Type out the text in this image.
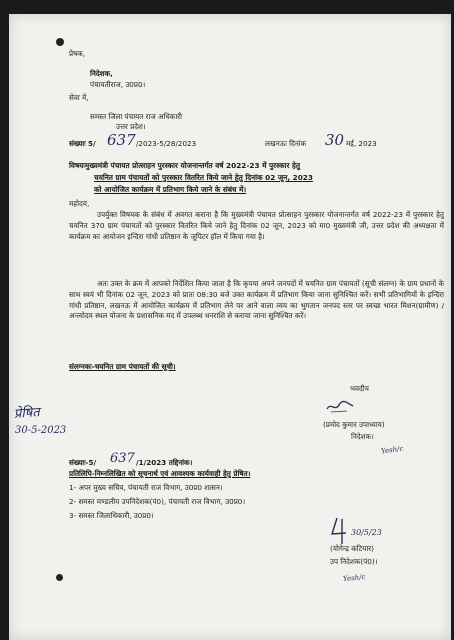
प्रेषक,
निदेशक,
पंचायतीराज, उ0प्र0।
सेवा में,
समस्त जिला पंचायत राज अधिकारी
उत्तर प्रदेश।
संख्याः 5/ 637 /2023-5/28/2023	लखनऊः दिनांक 30 मई, 2023
विषयःमुख्यमंत्री पंचायत प्रोत्साहन पुरस्कार योजनान्तर्गत वर्ष 2022-23 में पुरस्कार हेतु
चयनित ग्राम पंचायतों को पुरस्कार वितरित किये जाने हेतु दिनांक 02 जून, 2023
को आयोजित कार्यक्रम में प्रतिभाग किये जाने के संबंध में।
महोदय,
उपर्युक्त विषयक के संबंध में अवगत कराना है कि मुख्यमंत्री पंचायत प्रोत्साहन पुरस्कार योजनान्तर्गत वर्ष 2022-23 में पुरस्कार हेतु चयनित 370 ग्राम पंचायतों को पुरस्कार वितरित किये जाने हेतु दिनांक 02 जून, 2023 को मा0 मुख्यमंत्री जी, उत्तर प्रदेश की अध्यक्षता में कार्यक्रम का आयोजन इन्दिरा गांधी प्रतिष्ठान के जूपिटर हॉल में किया गया है।
अतः उक्त के क्रम में आपको निर्देशित किया जाता है कि कृपया अपने जनपदों में चयनित ग्राम पंचायतों (सूची संलग्न) के ग्राम प्रधानों के साथ स्वयं भी दिनांक 02 जून, 2023 को प्रातः 08:30 बजे उक्त कार्यक्रम में प्रतिभाग किया जाना सुनिश्चित करें। सभी प्रतिभागियों के इन्दिरा गांधी प्रतिष्ठान, लखनऊ में आयोजित कार्यक्रम में प्रतिभाग लेने पर आने वाला व्यय का भुगतान जनपद स्तर पर स्वच्छ भारत मिशन(ग्रामीण) /अन्त्योदय स्थल योजना के प्रशासनिक मद में उपलब्ध धनराशि से कराया जाना सुनिश्चित करें।
संलग्नकः-चयनित ग्राम पंचायतों की सूची।
भवदीय
(प्रमोद कुमार उपाध्याय)
निदेशक।
प्रेषित
30-5-2023
Yesh/c
संख्याः-5/ 637 /1/2023 तद्दिनांक।
प्रतिलिपि-निम्नलिखित को सूचनार्थ एवं आवश्यक कार्यवाही हेतु प्रेषित।
1- अपर मुख्य सचिव, पंचायती राज विभाग, उ0प्र0 शासन।
2- समस्त मण्डलीय उपनिदेशक(पं0), पंचायती राज विभाग, उ0प्र0।
3- समस्त जिलाधिकारी, उ0प्र0।
30/5/23
(योगेन्द्र कटियार)
उप निदेशक(पं0)।
Yesh/c
